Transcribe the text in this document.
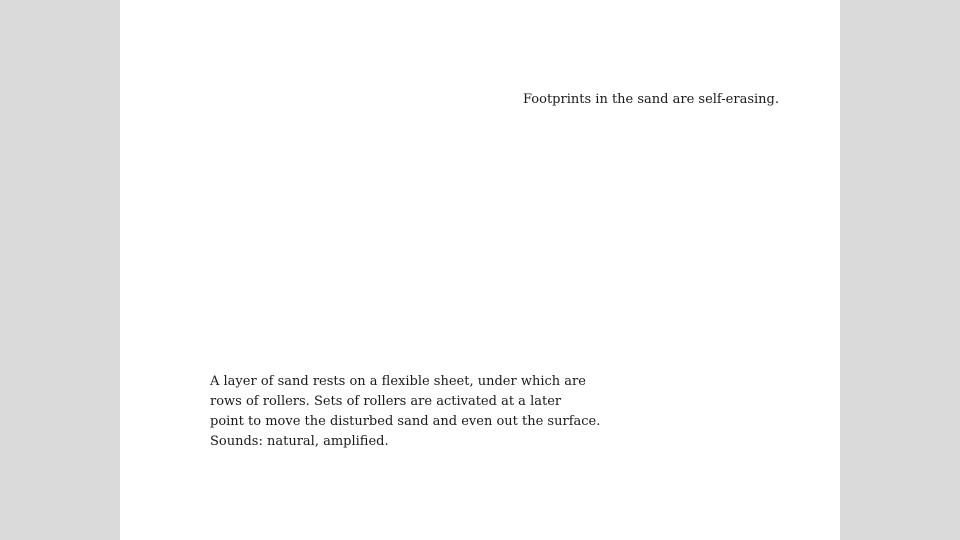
Footprints in the sand are self-erasing.
A layer of sand rests on a flexible sheet, under which are
rows of rollers. Sets of rollers are activated at a later
point to move the disturbed sand and even out the surface.
Sounds: natural, amplified.
